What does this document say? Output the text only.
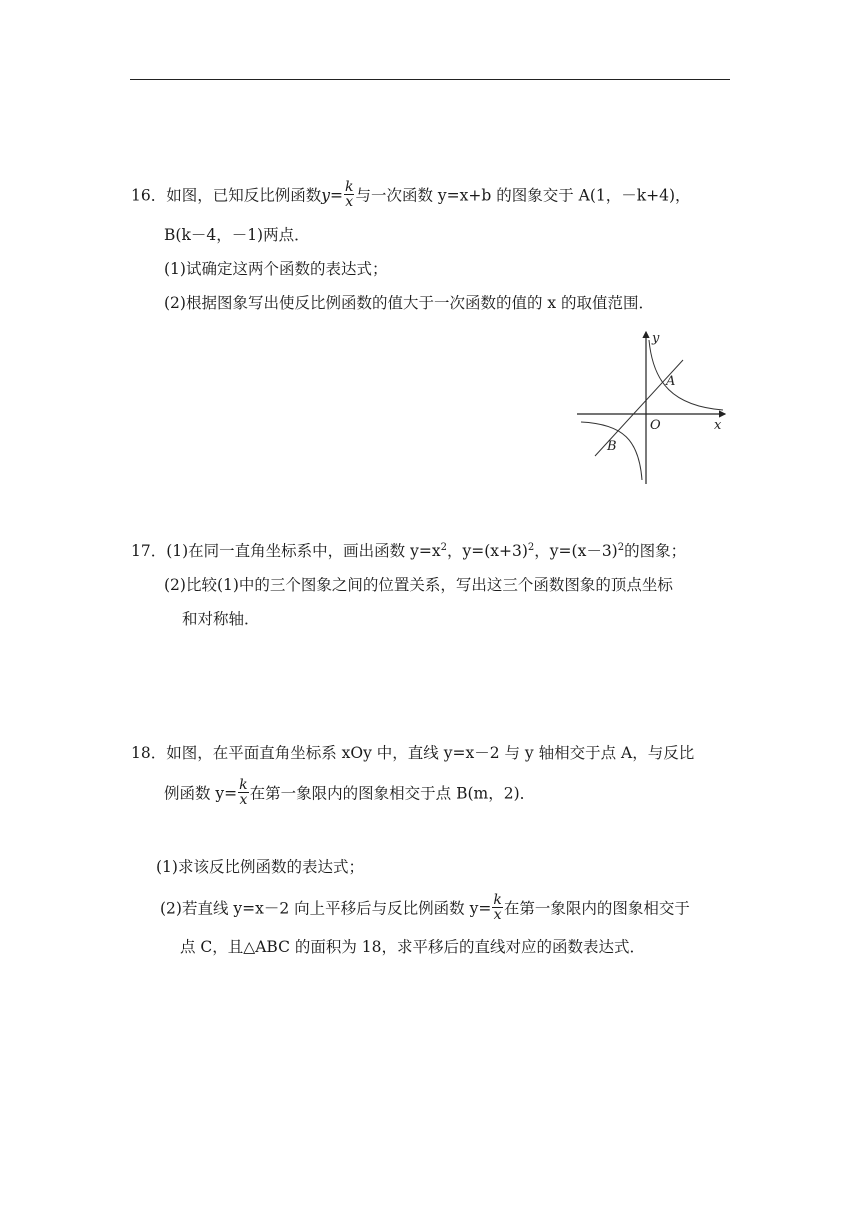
16．如图，已知反比例函数$y= \frac{k}{x}$ 与一次函数 y=x+b 的图象交于 A(1，－k+4)，
B(k－4，－1)两点．
(1)试确定这两个函数的表达式；
(2)根据图象写出使反比例函数的值大于一次函数的值的 x 的取值范围．
y
x
O
A
B
17．(1)在同一直角坐标系中，画出函数 $y=x^2$，$y=(x+3)^2$，$y=(x-3)^2$的图象；
(2)比较(1)中的三个图象之间的位置关系，写出这三个函数图象的顶点坐标
和对称轴．
18．如图，在平面直角坐标系 xOy 中，直线 y=x－2 与 y 轴相交于点 A，与反比
例函数 $y= \frac{k}{x}$ 在第一象限内的图象相交于点 B(m，2)．
(1)求该反比例函数的表达式；
(2)若直线 y=x－2 向上平移后与反比例函数 $y= \frac{k}{x}$ 在第一象限内的图象相交于
点 C，且△ABC 的面积为 18，求平移后的直线对应的函数表达式．
